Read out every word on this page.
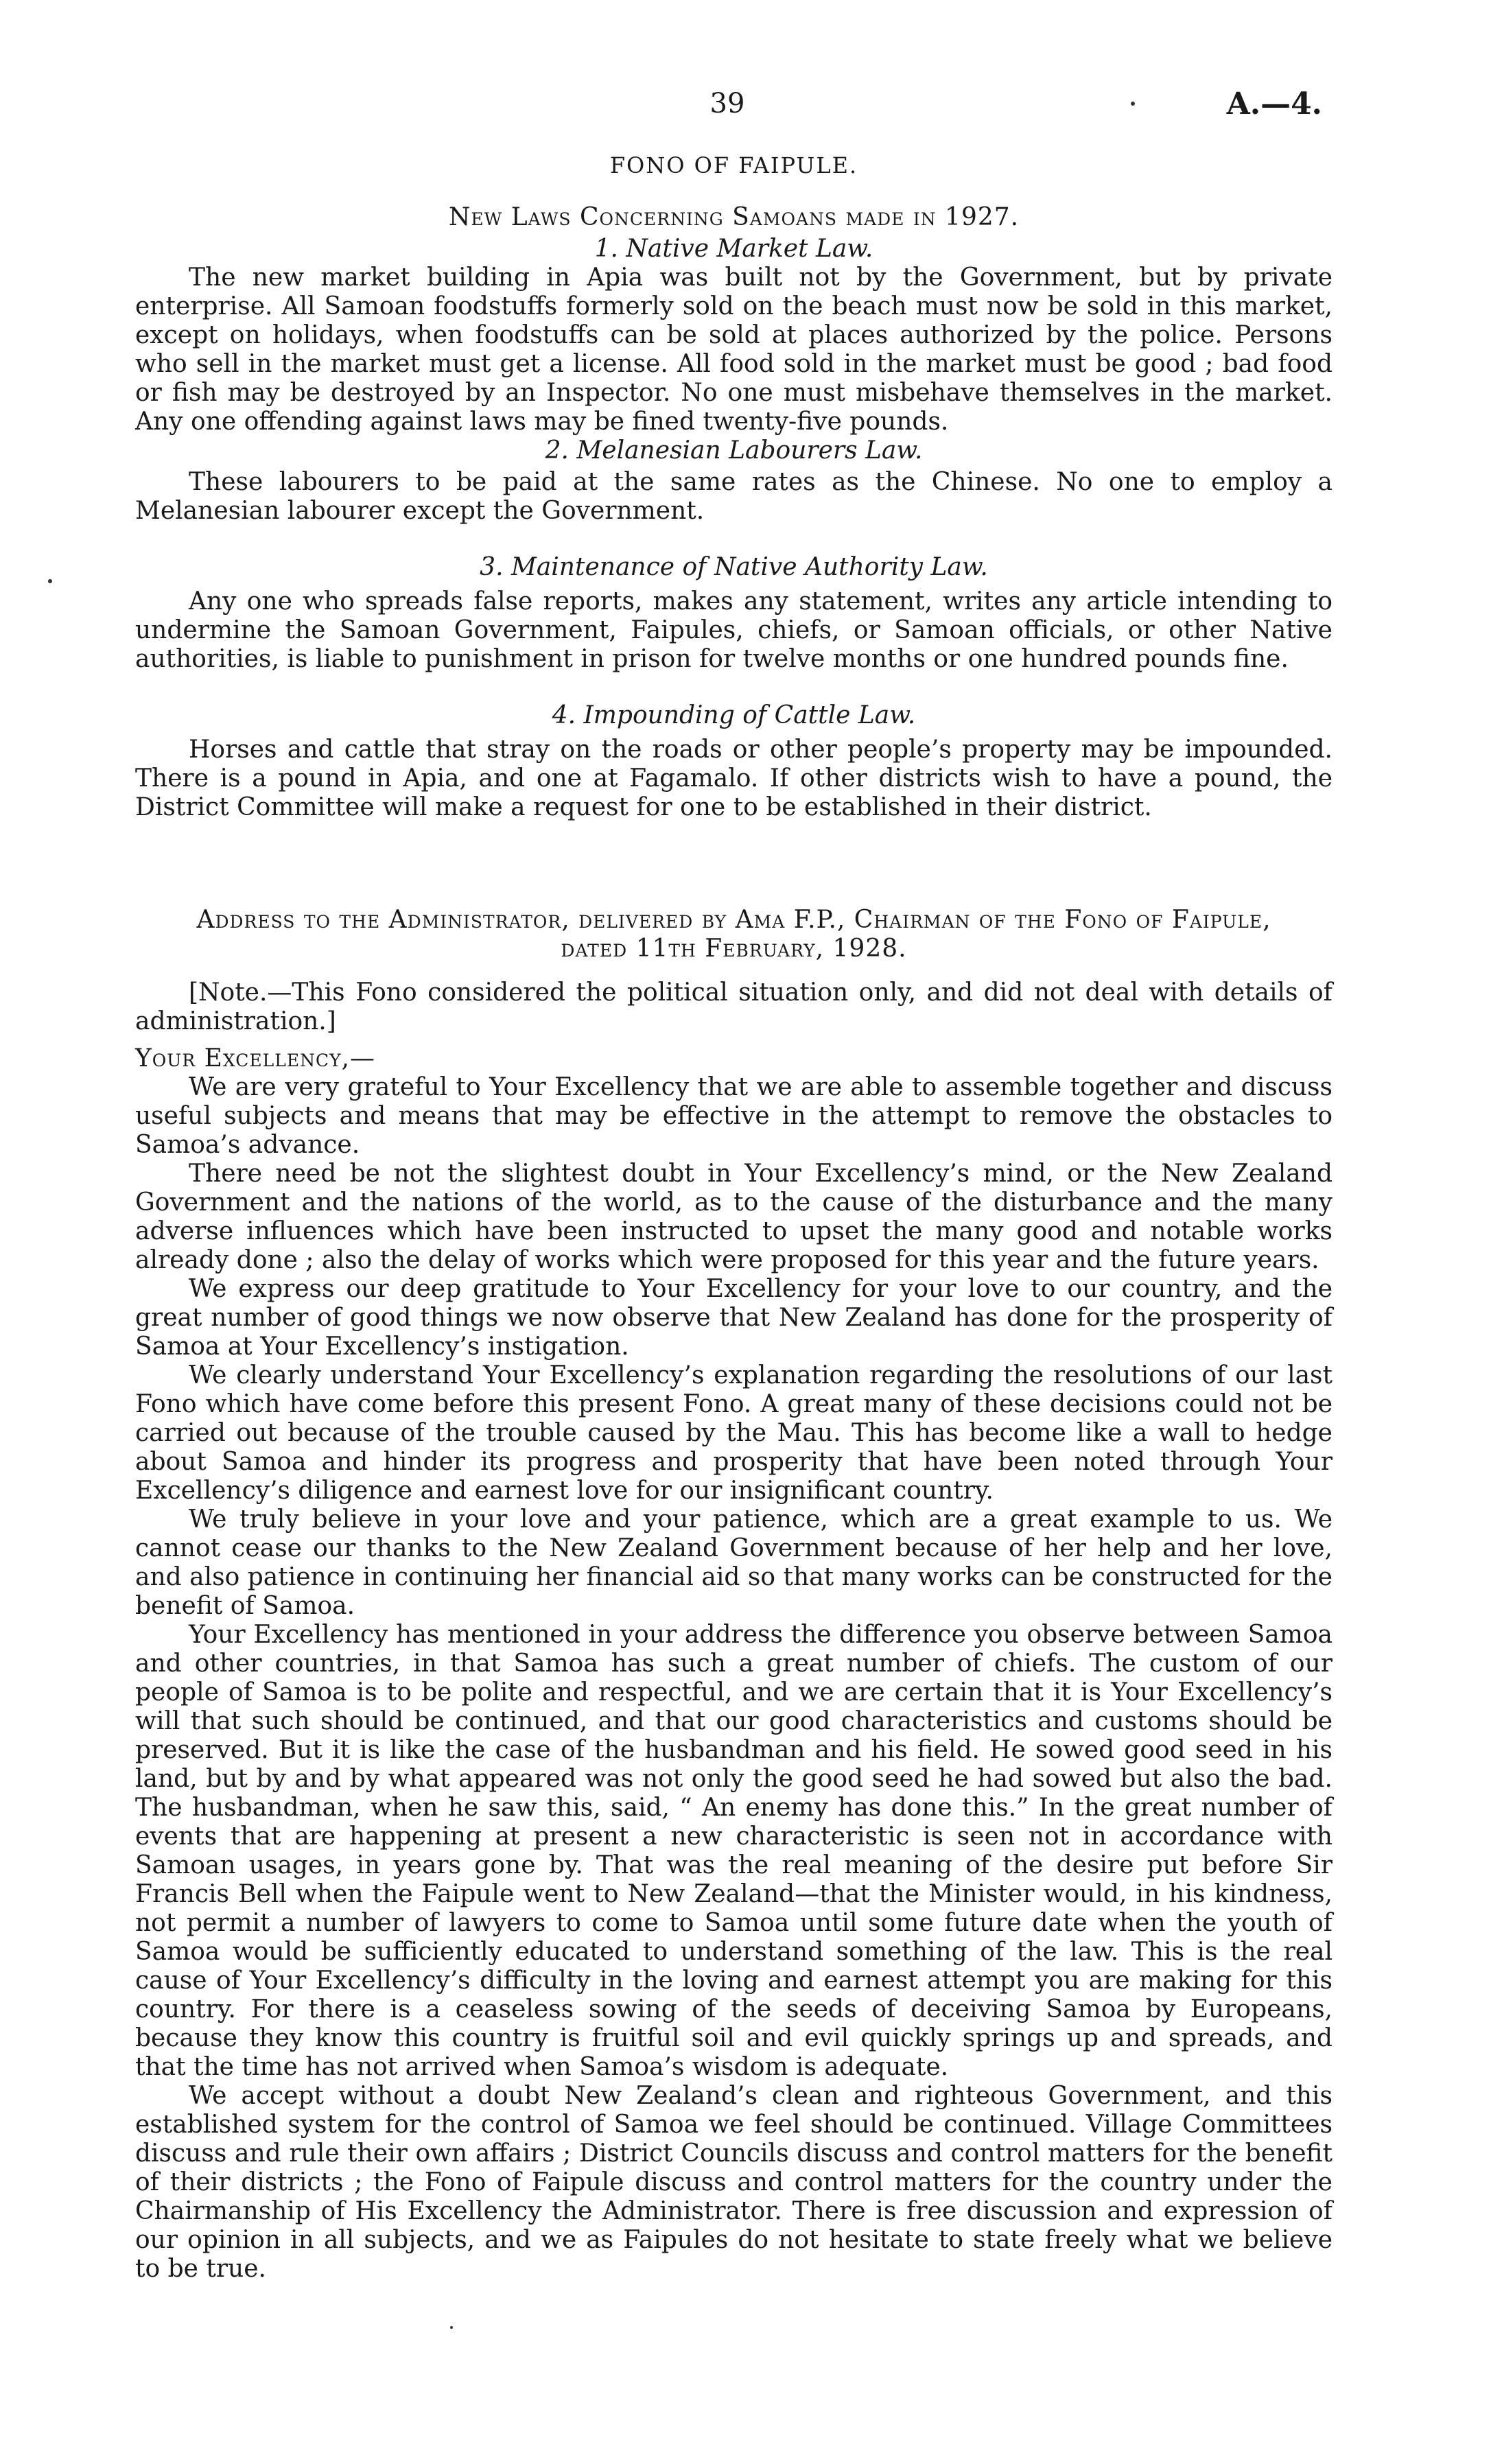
39	A.—4.

FONO OF FAIPULE.

New Laws Concerning Samoans made in 1927.

1. Native Market Law.

The new market building in Apia was built not by the Government, but by private enterprise. All Samoan foodstuffs formerly sold on the beach must now be sold in this market, except on holidays, when foodstuffs can be sold at places authorized by the police. Persons who sell in the market must get a license. All food sold in the market must be good ; bad food or fish may be destroyed by an Inspector. No one must misbehave themselves in the market. Any one offending against laws may be fined twenty-five pounds.

2. Melanesian Labourers Law.

These labourers to be paid at the same rates as the Chinese. No one to employ a Melanesian labourer except the Government.

3. Maintenance of Native Authority Law.

Any one who spreads false reports, makes any statement, writes any article intending to undermine the Samoan Government, Faipules, chiefs, or Samoan officials, or other Native authorities, is liable to punishment in prison for twelve months or one hundred pounds fine.

4. Impounding of Cattle Law.

Horses and cattle that stray on the roads or other people’s property may be impounded. There is a pound in Apia, and one at Fagamalo. If other districts wish to have a pound, the District Committee will make a request for one to be established in their district.

Address to the Administrator, delivered by Ama F.P., Chairman of the Fono of Faipule,

dated 11th February, 1928.

[Note.—This Fono considered the political situation only, and did not deal with details of administration.]

Your Excellency,—

We are very grateful to Your Excellency that we are able to assemble together and discuss useful subjects and means that may be effective in the attempt to remove the obstacles to Samoa’s advance.

There need be not the slightest doubt in Your Excellency’s mind, or the New Zealand Government and the nations of the world, as to the cause of the disturbance and the many adverse influences which have been instructed to upset the many good and notable works already done ; also the delay of works which were proposed for this year and the future years.

We express our deep gratitude to Your Excellency for your love to our country, and the great number of good things we now observe that New Zealand has done for the prosperity of Samoa at Your Excellency’s instigation.

We clearly understand Your Excellency’s explanation regarding the resolutions of our last Fono which have come before this present Fono. A great many of these decisions could not be carried out because of the trouble caused by the Mau. This has become like a wall to hedge about Samoa and hinder its progress and prosperity that have been noted through Your Excellency’s diligence and earnest love for our insignificant country.

We truly believe in your love and your patience, which are a great example to us. We cannot cease our thanks to the New Zealand Government because of her help and her love, and also patience in continuing her financial aid so that many works can be constructed for the benefit of Samoa.

Your Excellency has mentioned in your address the difference you observe between Samoa and other countries, in that Samoa has such a great number of chiefs. The custom of our people of Samoa is to be polite and respectful, and we are certain that it is Your Excellency’s will that such should be continued, and that our good characteristics and customs should be preserved. But it is like the case of the husbandman and his field. He sowed good seed in his land, but by and by what appeared was not only the good seed he had sowed but also the bad. The husbandman, when he saw this, said, “ An enemy has done this.” In the great number of events that are happening at present a new characteristic is seen not in accordance with Samoan usages, in years gone by. That was the real meaning of the desire put before Sir Francis Bell when the Faipule went to New Zealand—that the Minister would, in his kindness, not permit a number of lawyers to come to Samoa until some future date when the youth of Samoa would be sufficiently educated to understand something of the law. This is the real cause of Your Excellency’s difficulty in the loving and earnest attempt you are making for this country. For there is a ceaseless sowing of the seeds of deceiving Samoa by Europeans, because they know this country is fruitful soil and evil quickly springs up and spreads, and that the time has not arrived when Samoa’s wisdom is adequate.

We accept without a doubt New Zealand’s clean and righteous Government, and this established system for the control of Samoa we feel should be continued. Village Committees discuss and rule their own affairs ; District Councils discuss and control matters for the benefit of their districts ; the Fono of Faipule discuss and control matters for the country under the Chairmanship of His Excellency the Administrator. There is free discussion and expression of our opinion in all subjects, and we as Faipules do not hesitate to state freely what we believe to be true.
